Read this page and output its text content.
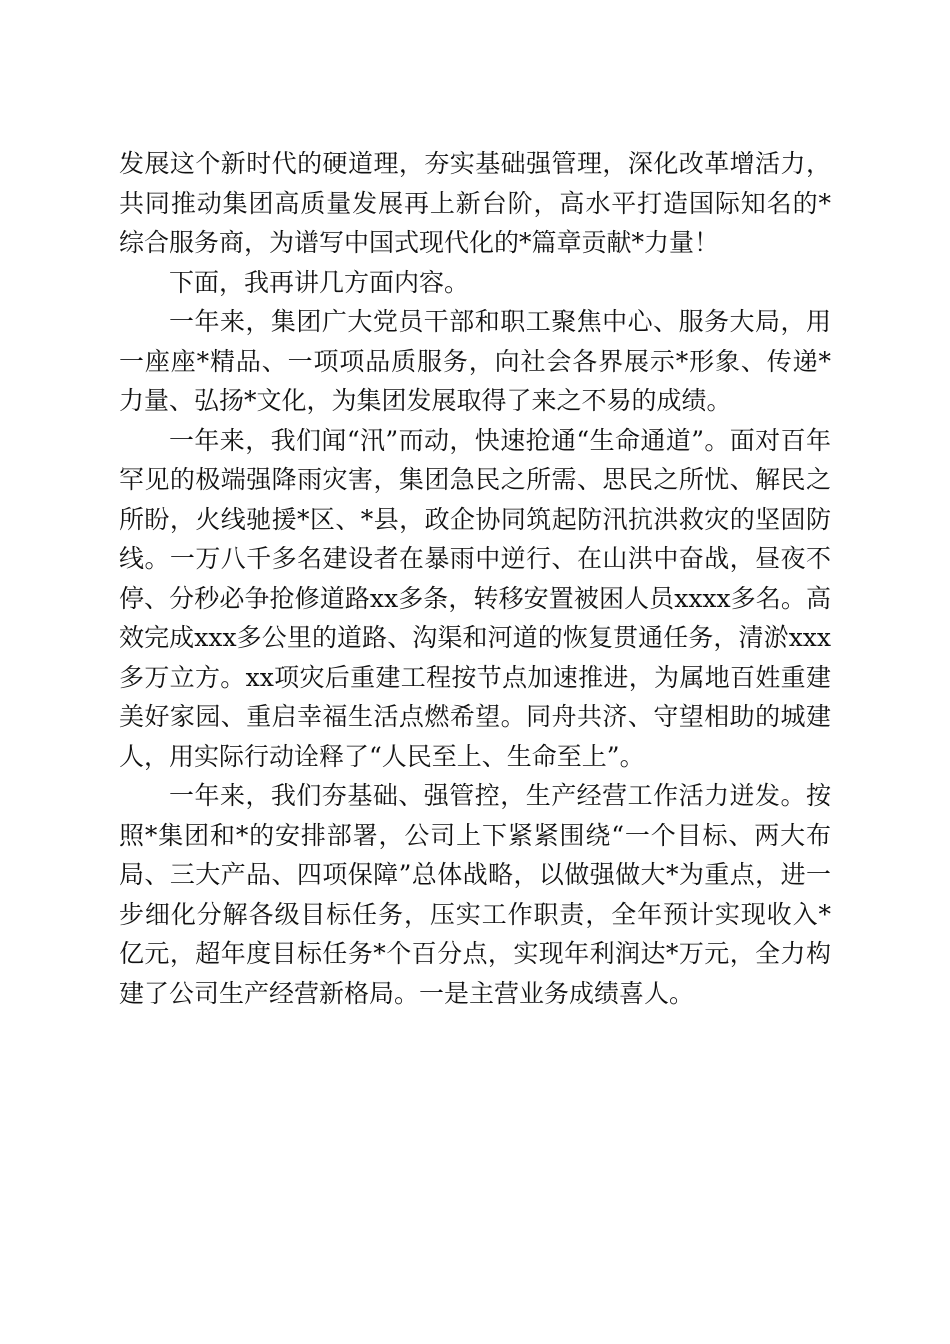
发展这个新时代的硬道理，夯实基础强管理，深化改革增活力，共同推动集团高质量发展再上新台阶，高水平打造国际知名的*综合服务商，为谱写中国式现代化的*篇章贡献*力量！

下面，我再讲几方面内容。

一年来，集团广大党员干部和职工聚焦中心、服务大局，用一座座*精品、一项项品质服务，向社会各界展示*形象、传递*力量、弘扬*文化，为集团发展取得了来之不易的成绩。

一年来，我们闻“汛”而动，快速抢通“生命通道”。面对百年罕见的极端强降雨灾害，集团急民之所需、思民之所忧、解民之所盼，火线驰援*区、*县，政企协同筑起防汛抗洪救灾的坚固防线。一万八千多名建设者在暴雨中逆行、在山洪中奋战，昼夜不停、分秒必争抢修道路xx多条，转移安置被困人员xxxx多名。高效完成xxx多公里的道路、沟渠和河道的恢复贯通任务，清淤xxx多万立方。xx项灾后重建工程按节点加速推进，为属地百姓重建美好家园、重启幸福生活点燃希望。同舟共济、守望相助的城建人，用实际行动诠释了“人民至上、生命至上”。

一年来，我们夯基础、强管控，生产经营工作活力迸发。按照*集团和*的安排部署，公司上下紧紧围绕“一个目标、两大布局、三大产品、四项保障”总体战略，以做强做大*为重点，进一步细化分解各级目标任务，压实工作职责，全年预计实现收入*亿元，超年度目标任务*个百分点，实现年利润达*万元，全力构建了公司生产经营新格局。一是主营业务成绩喜人。
